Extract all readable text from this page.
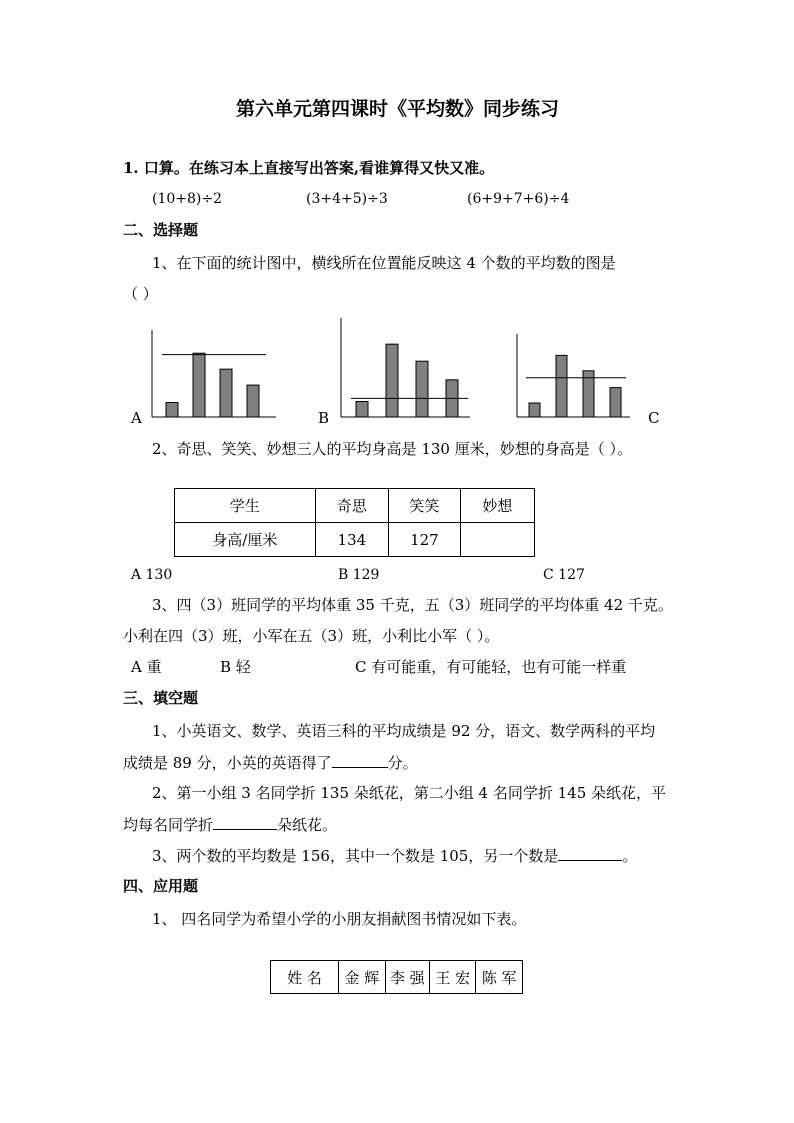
第六单元第四课时《平均数》同步练习
1. 口算。在练习本上直接写出答案,看谁算得又快又准。
(10+8)÷2	(3+4+5)÷3	(6+9+7+6)÷4
二、选择题
1、在下面的统计图中，横线所在位置能反映这 4 个数的平均数的图是
（ ）
A	B	C
2、奇思、笑笑、妙想三人的平均身高是 130 厘米，妙想的身高是（ ）。
学生	奇思	笑笑	妙想
身高/厘米	134	127	
A 130	B 129	C 127
3、四（3）班同学的平均体重 35 千克，五（3）班同学的平均体重 42 千克。
小利在四（3）班，小军在五（3）班，小利比小军（ ）。
A 重	B 轻	C 有可能重，有可能轻，也有可能一样重
三、填空题
1、小英语文、数学、英语三科的平均成绩是 92 分，语文、数学两科的平均
成绩是 89 分，小英的英语得了	分。
2、第一小组 3 名同学折 135 朵纸花，第二小组 4 名同学折 145 朵纸花，平
均每名同学折	朵纸花。
3、两个数的平均数是 156，其中一个数是 105，另一个数是	。
四、应用题
1、 四名同学为希望小学的小朋友捐献图书情况如下表。
姓 名	金 辉	李 强	王 宏	陈 军
